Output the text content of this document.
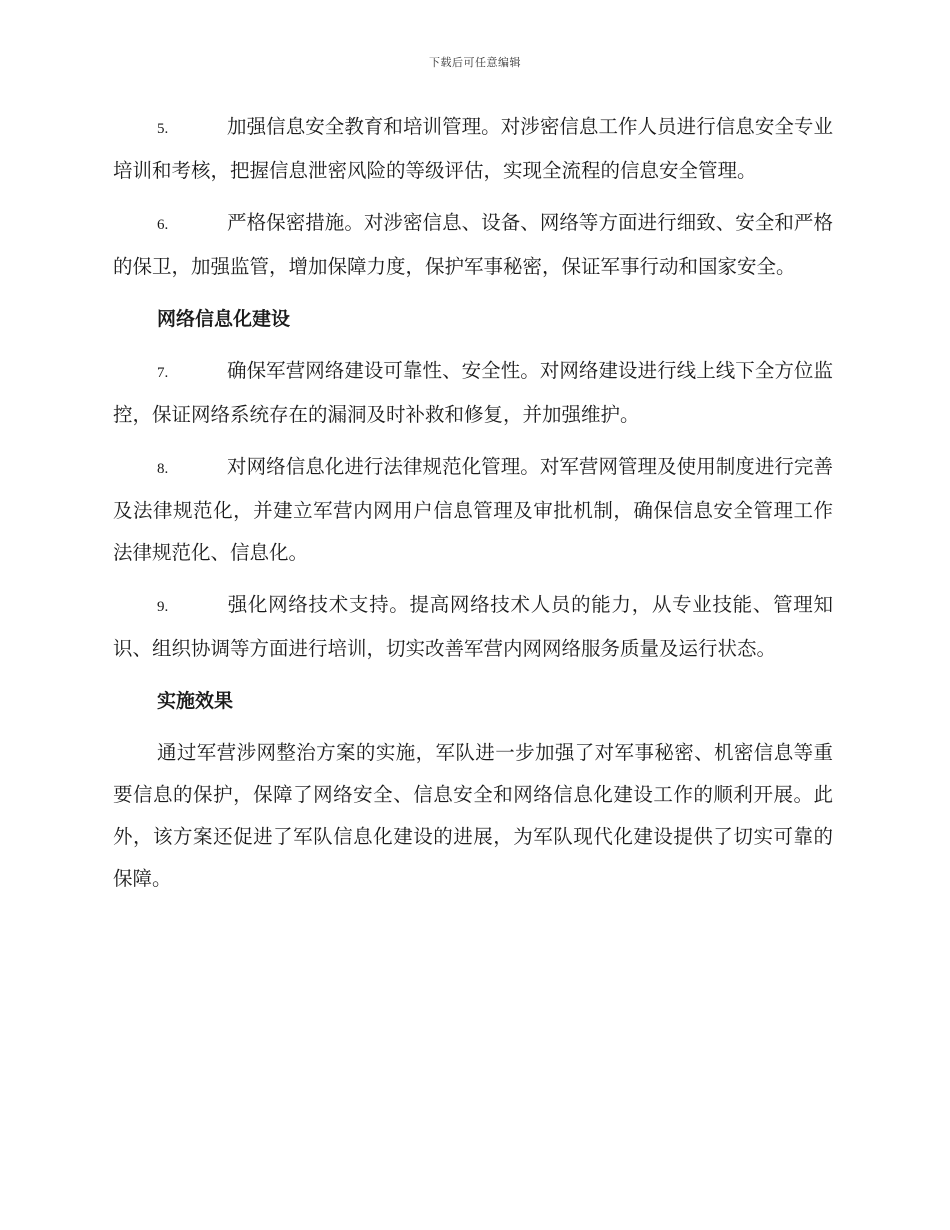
下载后可任意编辑

5.	加强信息安全教育和培训管理。对涉密信息工作人员进行信息安全专业培训和考核，把握信息泄密风险的等级评估，实现全流程的信息安全管理。

6.	严格保密措施。对涉密信息、设备、网络等方面进行细致、安全和严格的保卫，加强监管，增加保障力度，保护军事秘密，保证军事行动和国家安全。

网络信息化建设

7.	确保军营网络建设可靠性、安全性。对网络建设进行线上线下全方位监控，保证网络系统存在的漏洞及时补救和修复，并加强维护。

8.	对网络信息化进行法律规范化管理。对军营网管理及使用制度进行完善及法律规范化，并建立军营内网用户信息管理及审批机制，确保信息安全管理工作法律规范化、信息化。

9.	强化网络技术支持。提高网络技术人员的能力，从专业技能、管理知识、组织协调等方面进行培训，切实改善军营内网网络服务质量及运行状态。

实施效果

通过军营涉网整治方案的实施，军队进一步加强了对军事秘密、机密信息等重要信息的保护，保障了网络安全、信息安全和网络信息化建设工作的顺利开展。此外，该方案还促进了军队信息化建设的进展，为军队现代化建设提供了切实可靠的保障。
